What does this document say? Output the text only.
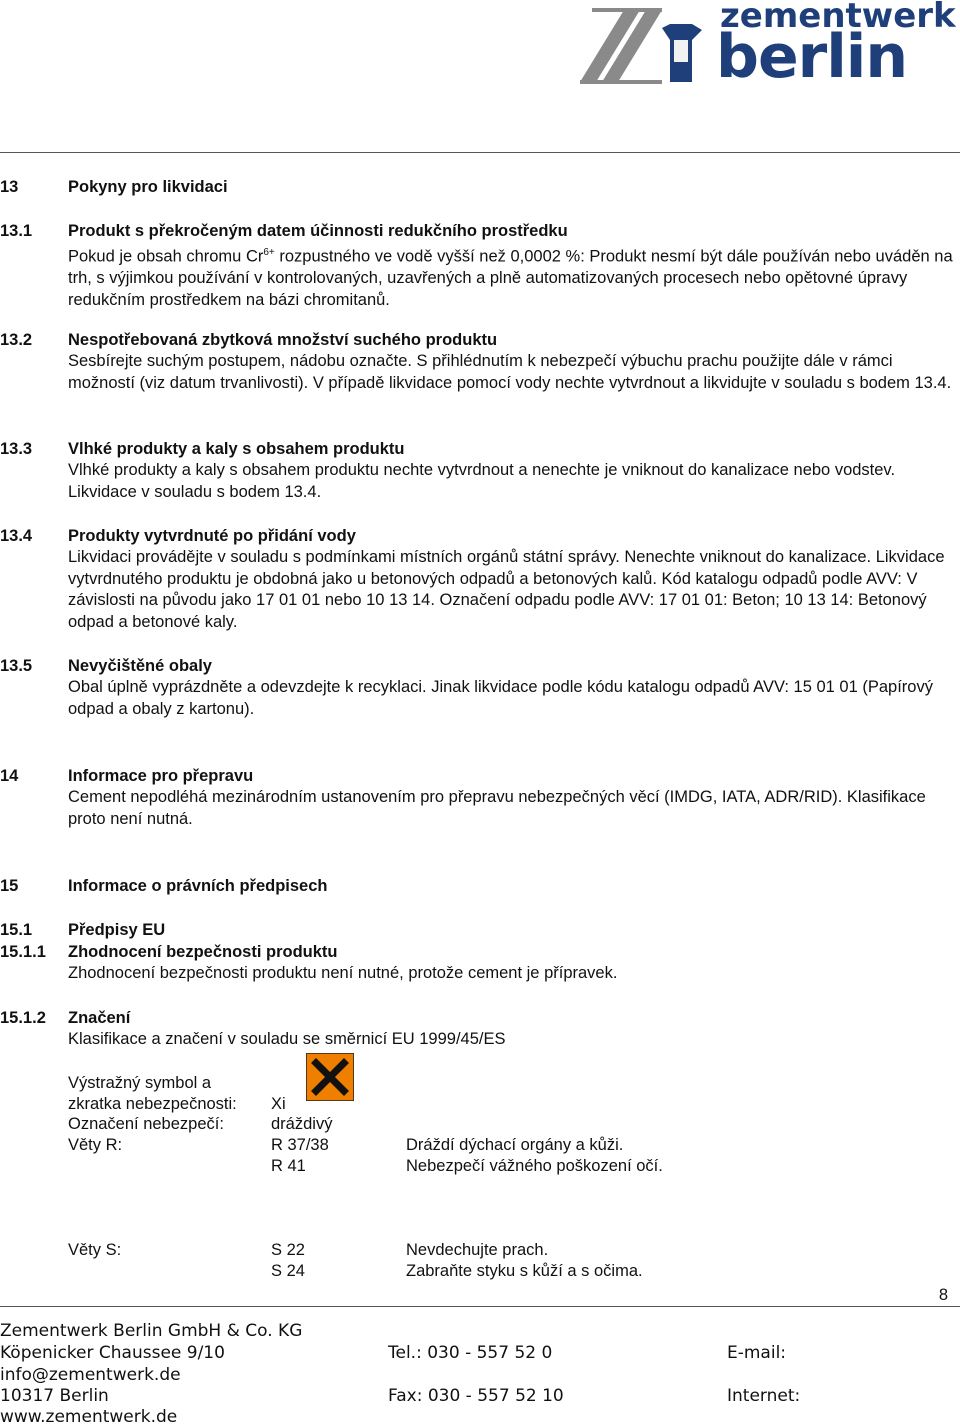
zementwerk
berlin
13	Pokyny pro likvidaci
13.1 Produkt s překročeným datem účinnosti redukčního prostředku
Pokud je obsah chromu $Cr^{6+}$ rozpustného ve vodě vyšší než 0,0002 %: Produkt nesmí být dále používán nebo uváděn na trh, s výjimkou používání v kontrolovaných, uzavřených a plně automatizovaných procesech nebo opětovné úpravy redukčním prostředkem na bázi chromitanů.
13.2 Nespotřebovaná zbytková množství suchého produktu
Sesbírejte suchým postupem, nádobu označte. S přihlédnutím k nebezpečí výbuchu prachu použijte dále v rámci možností (viz datum trvanlivosti). V případě likvidace pomocí vody nechte vytvrdnout a likvidujte v souladu s bodem 13.4.
13.3 Vlhké produkty a kaly s obsahem produktu
Vlhké produkty a kaly s obsahem produktu nechte vytvrdnout a nenechte je vniknout do kanalizace nebo vodstev. Likvidace v souladu s bodem 13.4.
13.4 Produkty vytvrdnuté po přidání vody
Likvidaci provádějte v souladu s podmínkami místních orgánů státní správy. Nenechte vniknout do kanalizace. Likvidace vytvrdnutého produktu je obdobná jako u betonových odpadů a betonových kalů. Kód katalogu odpadů podle AVV: V závislosti na původu jako 17 01 01 nebo 10 13 14. Označení odpadu podle AVV: 17 01 01: Beton; 10 13 14: Betonový odpad a betonové kaly.
13.5 Nevyčištěné obaly
Obal úplně vyprázdněte a odevzdejte k recyklaci. Jinak likvidace podle kódu katalogu odpadů AVV: 15 01 01 (Papírový odpad a obaly z kartonu).
14	Informace pro přepravu
Cement nepodléhá mezinárodním ustanovením pro přepravu nebezpečných věcí (IMDG, IATA, ADR/RID). Klasifikace proto není nutná.
15	Informace o právních předpisech
15.1 Předpisy EU
15.1.1 Zhodnocení bezpečnosti produktu
Zhodnocení bezpečnosti produktu není nutné, protože cement je přípravek.
15.1.2 Značení
Klasifikace a značení v souladu se směrnicí EU 1999/45/ES
Výstražný symbol a
zkratka nebezpečnosti: Xi
Označení nebezpečí:	dráždivý
Věty R:	R 37/38	Dráždí dýchací orgány a kůži.
R 41	Nebezpečí vážného poškození očí.
Věty S:	S 22	Nevdechujte prach.
S 24	Zabraňte styku s kůží a s očima.
8
Zementwerk Berlin GmbH & Co. KG
Köpenicker Chaussee 9/10	Tel.: 030 - 557 52 0	E-mail:
info@zementwerk.de
10317 Berlin	Fax: 030 - 557 52 10	Internet:
www.zementwerk.de
